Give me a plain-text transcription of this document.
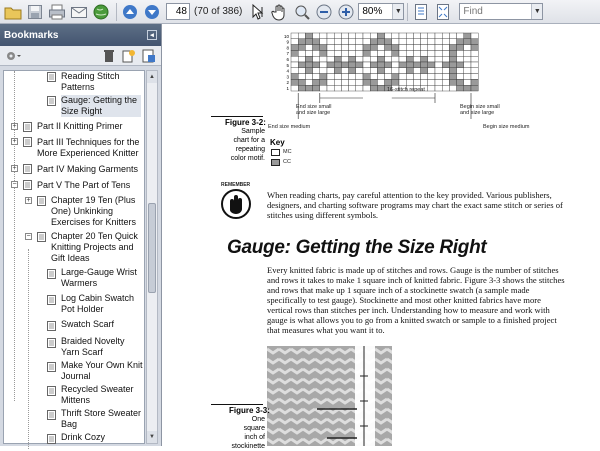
48 (70 of 386)	80%	▼	Find	▼
Bookmarks	◂
Reading Stitch Patterns
Gauge: Getting the Size Right
+ Part II Knitting Primer
+ Part III Techniques for the More Experienced Knitter
+ Part IV Making Garments
− Part V The Part of Tens
+ Chapter 19 Ten (Plus One) Unkinking Exercises for Knitters
− Chapter 20 Ten Quick Knitting Projects and Gift Ideas
Large-Gauge Wrist Warmers
Log Cabin Swatch Pot Holder
Swatch Scarf
Braided Novelty Yarn Scarf
Make Your Own Knit Journal
Recycled Sweater Mittens
Thrift Store Sweater Bag
Drink Cozy
▲
▼
10
9
8
7
6
5
4
3
2
1
End size small and size large
16-stitch repeat
Begin size small and size large
End size medium	Begin size medium
Figure 3-2:
Sample chart for a repeating color motif.
Key
MC
CC
REMEMBER
When reading charts, pay careful attention to the key provided. Various publishers, designers, and charting software programs may chart the exact same stitch or series of stitches using different symbols.
Gauge: Getting the Size Right
Every knitted fabric is made up of stitches and rows. Gauge is the number of stitches and rows it takes to make 1 square inch of knitted fabric. Figure 3-3 shows the stitches and rows that make up 1 square inch of a stockinette swatch (a sample made specifically to test gauge). Stockinette and most other knitted fabrics have more vertical rows than stitches per inch. Understanding how to measure and work with gauge is what allows you to go from a knitted swatch or sample to a finished project that measures what you want it to.
Figure 3-3:
One square inch of stockinette
